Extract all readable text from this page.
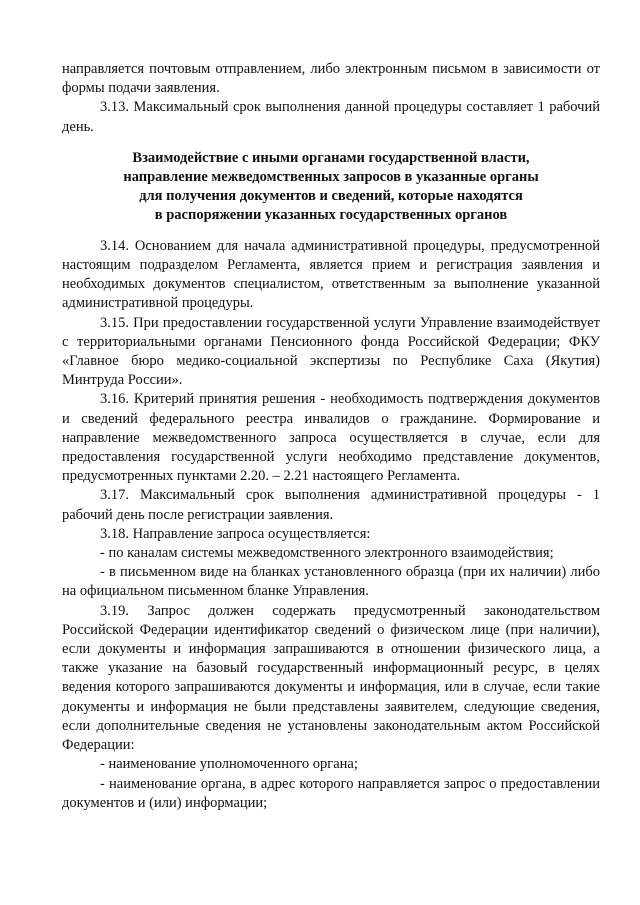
направляется почтовым отправлением, либо электронным письмом в зависимости от формы подачи заявления.

3.13. Максимальный срок выполнения данной процедуры составляет 1 рабочий день.

Взаимодействие с иными органами государственной власти,
направление межведомственных запросов в указанные органы
для получения документов и сведений, которые находятся
в распоряжении указанных государственных органов

3.14. Основанием для начала административной процедуры, предусмотренной настоящим подразделом Регламента, является прием и регистрация заявления и необходимых документов специалистом, ответственным за выполнение указанной административной процедуры.

3.15. При предоставлении государственной услуги Управление взаимодействует с территориальными органами Пенсионного фонда Российской Федерации; ФКУ «Главное бюро медико-социальной экспертизы по Республике Саха (Якутия) Минтруда России».

3.16. Критерий принятия решения - необходимость подтверждения документов и сведений федерального реестра инвалидов о гражданине. Формирование и направление межведомственного запроса осуществляется в случае, если для предоставления государственной услуги необходимо представление документов, предусмотренных пунктами 2.20. – 2.21 настоящего Регламента.

3.17. Максимальный срок выполнения административной процедуры - 1 рабочий день после регистрации заявления.

3.18. Направление запроса осуществляется:

- по каналам системы межведомственного электронного взаимодействия;

- в письменном виде на бланках установленного образца (при их наличии) либо на официальном письменном бланке Управления.

3.19. Запрос должен содержать предусмотренный законодательством Российской Федерации идентификатор сведений о физическом лице (при наличии), если документы и информация запрашиваются в отношении физического лица, а также указание на базовый государственный информационный ресурс, в целях ведения которого запрашиваются документы и информация, или в случае, если такие документы и информация не были представлены заявителем, следующие сведения, если дополнительные сведения не установлены законодательным актом Российской Федерации:

- наименование уполномоченного органа;

- наименование органа, в адрес которого направляется запрос о предоставлении документов и (или) информации;
